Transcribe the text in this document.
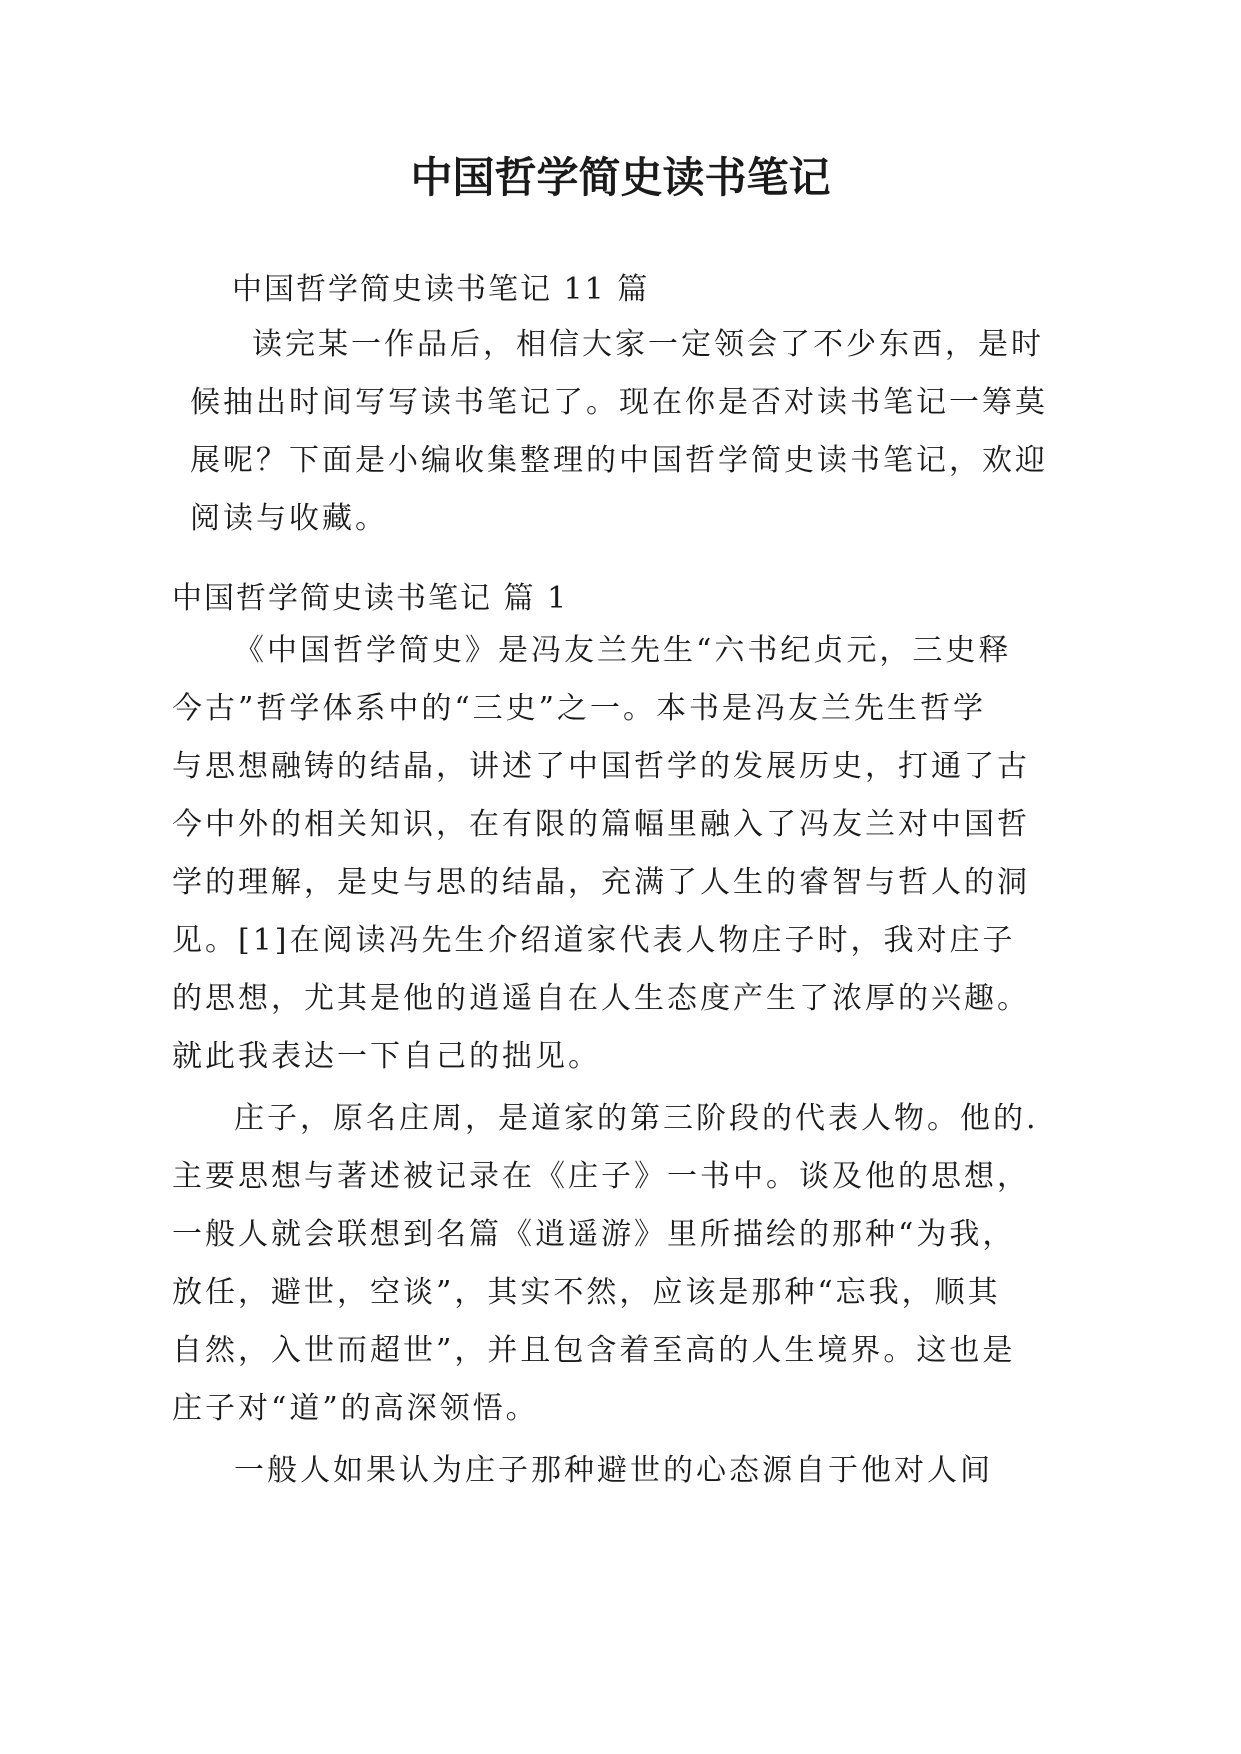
中国哲学简史读书笔记
中国哲学简史读书笔记 11 篇
读完某一作品后，相信大家一定领会了不少东西，是时
候抽出时间写写读书笔记了。现在你是否对读书笔记一筹莫
展呢？下面是小编收集整理的中国哲学简史读书笔记，欢迎
阅读与收藏。
中国哲学简史读书笔记 篇 1
《中国哲学简史》是冯友兰先生“六书纪贞元，三史释
今古”哲学体系中的“三史”之一。本书是冯友兰先生哲学
与思想融铸的结晶，讲述了中国哲学的发展历史，打通了古
今中外的相关知识，在有限的篇幅里融入了冯友兰对中国哲
学的理解，是史与思的结晶，充满了人生的睿智与哲人的洞
见。[1]在阅读冯先生介绍道家代表人物庄子时，我对庄子
的思想，尤其是他的逍遥自在人生态度产生了浓厚的兴趣。
就此我表达一下自己的拙见。
庄子，原名庄周，是道家的第三阶段的代表人物。他的.
主要思想与著述被记录在《庄子》一书中。谈及他的思想，
一般人就会联想到名篇《逍遥游》里所描绘的那种“为我，
放任，避世，空谈”，其实不然，应该是那种“忘我，顺其
自然，入世而超世”，并且包含着至高的人生境界。这也是
庄子对“道”的高深领悟。
一般人如果认为庄子那种避世的心态源自于他对人间
